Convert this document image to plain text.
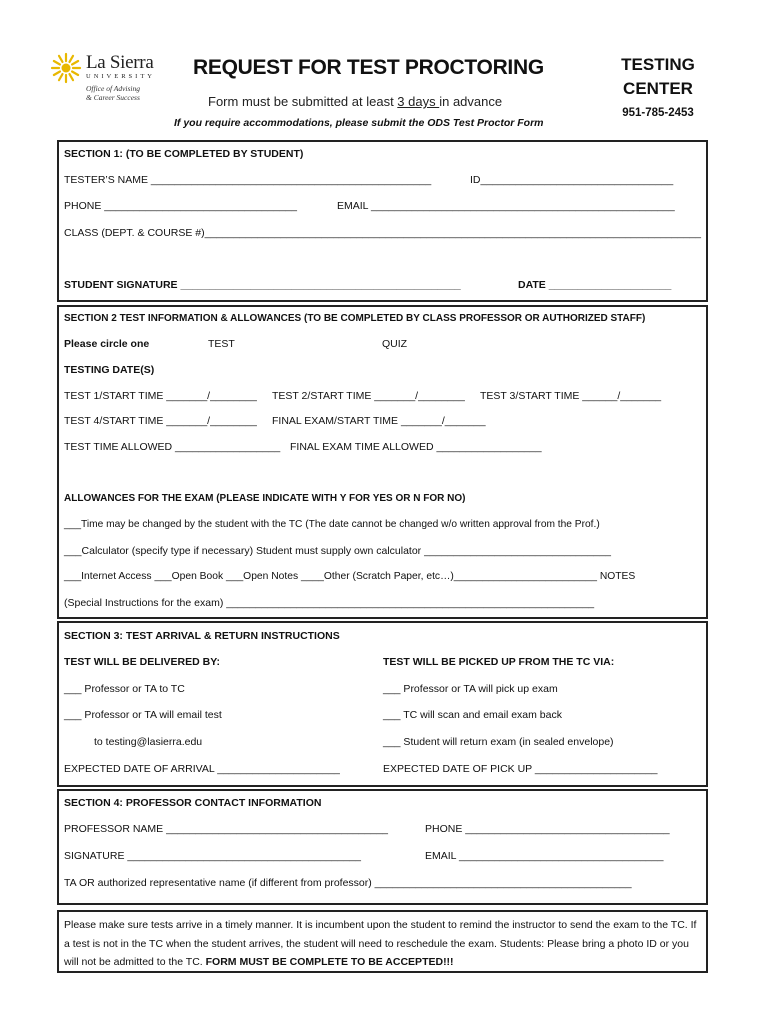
La Sierra
UNIVERSITY
Office of Advising
& Career Success
REQUEST FOR TEST PROCTORING
Form must be submitted at least 3 days in advance
If you require accommodations, please submit the ODS Test Proctor Form
TESTING
CENTER
951-785-2453
SECTION 1: (TO BE COMPLETED BY STUDENT)
TESTER’S NAME ________________________________________________	ID_________________________________
PHONE _________________________________	EMAIL ____________________________________________________
CLASS (DEPT. & COURSE #)_____________________________________________________________________________________
STUDENT SIGNATURE ________________________________________________	DATE _____________________
SECTION 2 TEST INFORMATION & ALLOWANCES (TO BE COMPLETED BY CLASS PROFESSOR OR AUTHORIZED STAFF)
Please circle one	TEST	QUIZ
TESTING DATE(S)
TEST 1/START TIME _______/________ TEST 2/START TIME _______/________ TEST 3/START TIME ______/_______
TEST 4/START TIME _______/________ FINAL EXAM/START TIME _______/_______
TEST TIME ALLOWED __________________ FINAL EXAM TIME ALLOWED __________________
ALLOWANCES FOR THE EXAM (PLEASE INDICATE WITH Y FOR YES OR N FOR NO)
___Time may be changed by the student with the TC (The date cannot be changed w/o written approval from the Prof.)
___Calculator (specify type if necessary) Student must supply own calculator ________________________________
___Internet Access ___Open Book ___Open Notes ____Other (Scratch Paper, etc…)_________________________ NOTES
(Special Instructions for the exam) _______________________________________________________________
SECTION 3: TEST ARRIVAL & RETURN INSTRUCTIONS
TEST WILL BE DELIVERED BY:	TEST WILL BE PICKED UP FROM THE TC VIA:
___ Professor or TA to TC	___ Professor or TA will pick up exam
___ Professor or TA will email test	___ TC will scan and email exam back
to testing@lasierra.edu	___ Student will return exam (in sealed envelope)
EXPECTED DATE OF ARRIVAL _____________________	EXPECTED DATE OF PICK UP _____________________
SECTION 4: PROFESSOR CONTACT INFORMATION
PROFESSOR NAME ______________________________________	PHONE ___________________________________
SIGNATURE ________________________________________	EMAIL ___________________________________
TA OR authorized representative name (if different from professor) ____________________________________________
Please make sure tests arrive in a timely manner. It is incumbent upon the student to remind the instructor to send the exam to the TC. If a test is not in the TC when the student arrives, the student will need to reschedule the exam. Students: Please bring a photo ID or you will not be admitted to the TC. FORM MUST BE COMPLETE TO BE ACCEPTED!!!
